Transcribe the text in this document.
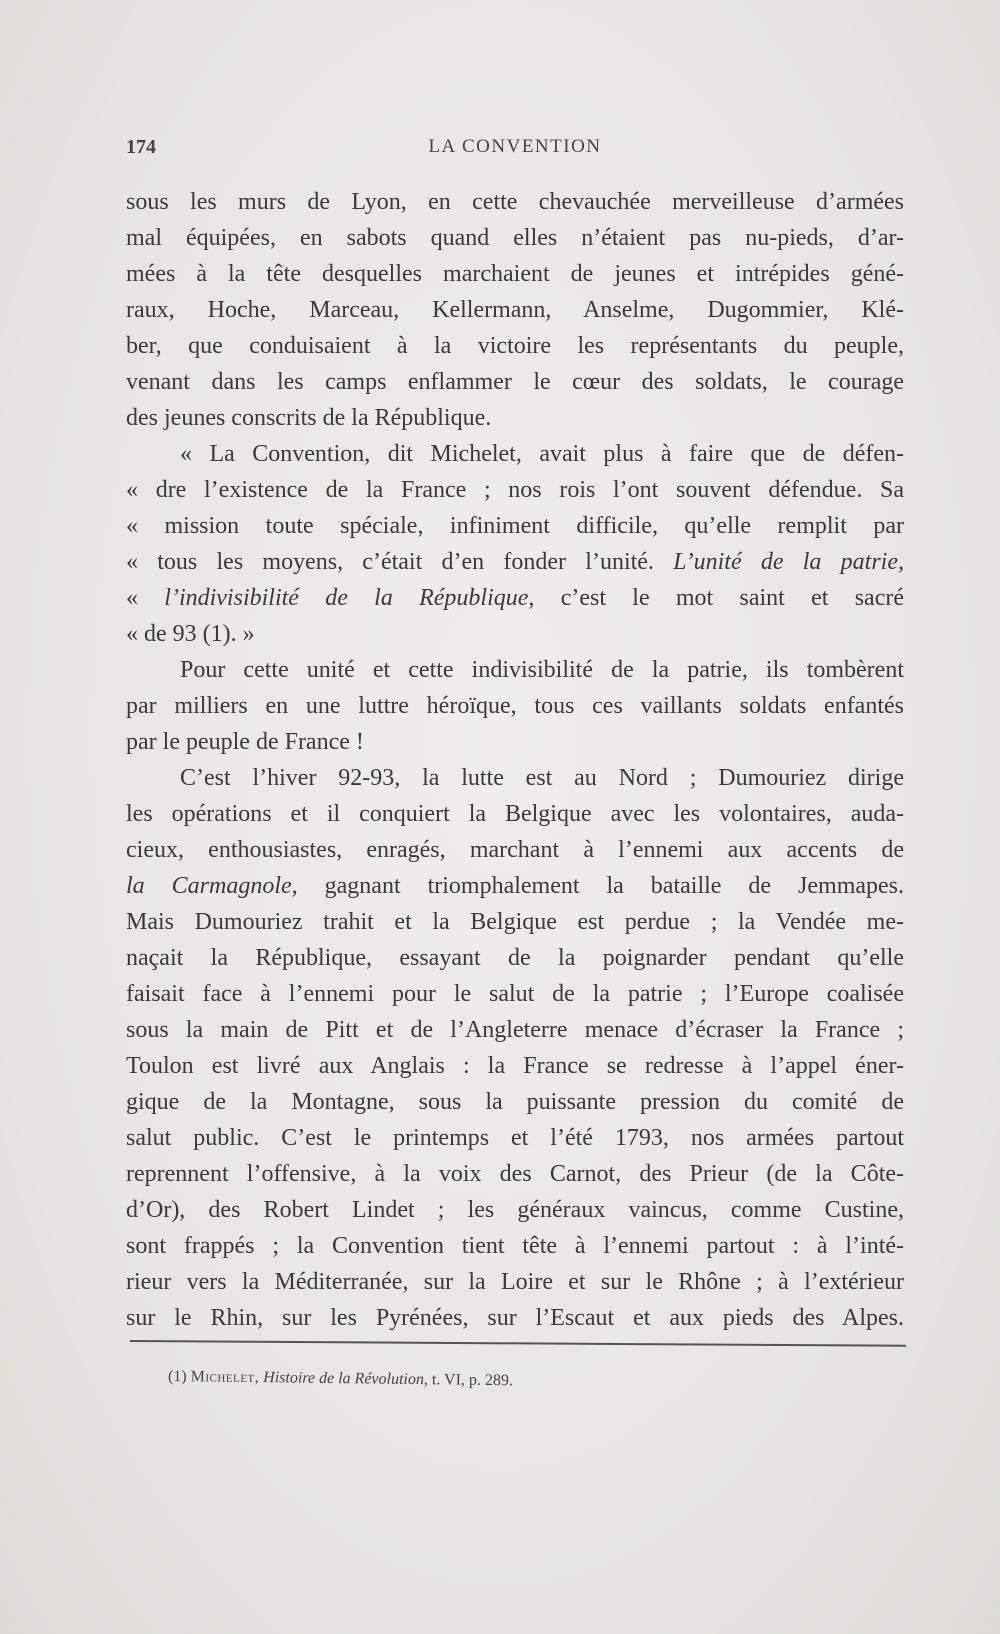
174	LA CONVENTION
sous les murs de Lyon, en cette chevauchée merveilleuse d’armées
mal équipées, en sabots quand elles n’étaient pas nu-pieds, d’ar-
mées à la tête desquelles marchaient de jeunes et intrépides géné-
raux, Hoche, Marceau, Kellermann, Anselme, Dugommier, Klé-
ber, que conduisaient à la victoire les représentants du peuple,
venant dans les camps enflammer le cœur des soldats, le courage
des jeunes conscrits de la République.
« La Convention, dit Michelet, avait plus à faire que de défen-
« dre l’existence de la France ; nos rois l’ont souvent défendue. Sa
« mission toute spéciale, infiniment difficile, qu’elle remplit par
« tous les moyens, c’était d’en fonder l’unité. L’unité de la patrie,
« l’indivisibilité de la République, c’est le mot saint et sacré
« de 93 (1). »
Pour cette unité et cette indivisibilité de la patrie, ils tombèrent
par milliers en une luttre héroïque, tous ces vaillants soldats enfantés
par le peuple de France !
C’est l’hiver 92-93, la lutte est au Nord ; Dumouriez dirige
les opérations et il conquiert la Belgique avec les volontaires, auda-
cieux, enthousiastes, enragés, marchant à l’ennemi aux accents de
la Carmagnole, gagnant triomphalement la bataille de Jemmapes.
Mais Dumouriez trahit et la Belgique est perdue ; la Vendée me-
naçait la République, essayant de la poignarder pendant qu’elle
faisait face à l’ennemi pour le salut de la patrie ; l’Europe coalisée
sous la main de Pitt et de l’Angleterre menace d’écraser la France ;
Toulon est livré aux Anglais : la France se redresse à l’appel éner-
gique de la Montagne, sous la puissante pression du comité de
salut public. C’est le printemps et l’été 1793, nos armées partout
reprennent l’offensive, à la voix des Carnot, des Prieur (de la Côte-
d’Or), des Robert Lindet ; les généraux vaincus, comme Custine,
sont frappés ; la Convention tient tête à l’ennemi partout : à l’inté-
rieur vers la Méditerranée, sur la Loire et sur le Rhône ; à l’extérieur
sur le Rhin, sur les Pyrénées, sur l’Escaut et aux pieds des Alpes.
(1) Michelet, Histoire de la Révolution, t. VI, p. 289.
